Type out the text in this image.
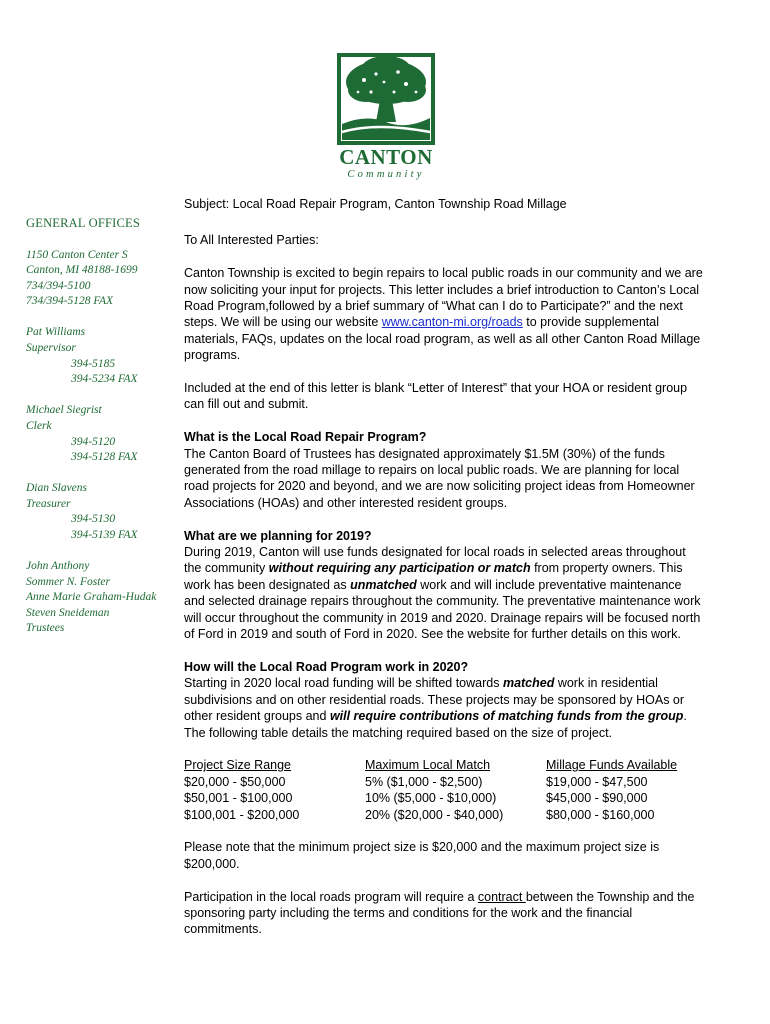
CANTON
Community
GENERAL OFFICES
1150 Canton Center S
Canton, MI 48188-1699
734/394-5100
734/394-5128 FAX
Pat Williams
Supervisor
394-5185
394-5234 FAX
Michael Siegrist
Clerk
394-5120
394-5128 FAX
Dian Slavens
Treasurer
394-5130
394-5139 FAX
John Anthony
Sommer N. Foster
Anne Marie Graham-Hudak
Steven Sneideman
Trustees

Subject: Local Road Repair Program, Canton Township Road Millage

To All Interested Parties:

Canton Township is excited to begin repairs to local public roads in our community and we are now soliciting your input for projects. This letter includes a brief introduction to Canton’s Local Road Program,followed by a brief summary of “What can I do to Participate?” and the next steps. We will be using our website www.canton-mi.org/roads to provide supplemental materials, FAQs, updates on the local road program, as well as all other Canton Road Millage programs.

Included at the end of this letter is blank “Letter of Interest” that your HOA or resident group can fill out and submit.

What is the Local Road Repair Program?
The Canton Board of Trustees has designated approximately $1.5M (30%) of the funds generated from the road millage to repairs on local public roads. We are planning for local road projects for 2020 and beyond, and we are now soliciting project ideas from Homeowner Associations (HOAs) and other interested resident groups.

What are we planning for 2019?
During 2019, Canton will use funds designated for local roads in selected areas throughout the community without requiring any participation or match from property owners. This work has been designated as unmatched work and will include preventative maintenance and selected drainage repairs throughout the community. The preventative maintenance work will occur throughout the community in 2019 and 2020. Drainage repairs will be focused north of Ford in 2019 and south of Ford in 2020. See the website for further details on this work.

How will the Local Road Program work in 2020?
Starting in 2020 local road funding will be shifted towards matched work in residential subdivisions and on other residential roads. These projects may be sponsored by HOAs or other resident groups and will require contributions of matching funds from the group. The following table details the matching required based on the size of project.

Project Size Range	Maximum Local Match	Millage Funds Available
$20,000 - $50,000	5% ($1,000 - $2,500)	$19,000 - $47,500
$50,001 - $100,000	10% ($5,000 - $10,000)	$45,000 - $90,000
$100,001 - $200,000	20% ($20,000 - $40,000)	$80,000 - $160,000

Please note that the minimum project size is $20,000 and the maximum project size is $200,000.

Participation in the local roads program will require a contract between the Township and the sponsoring party including the terms and conditions for the work and the financial commitments.
